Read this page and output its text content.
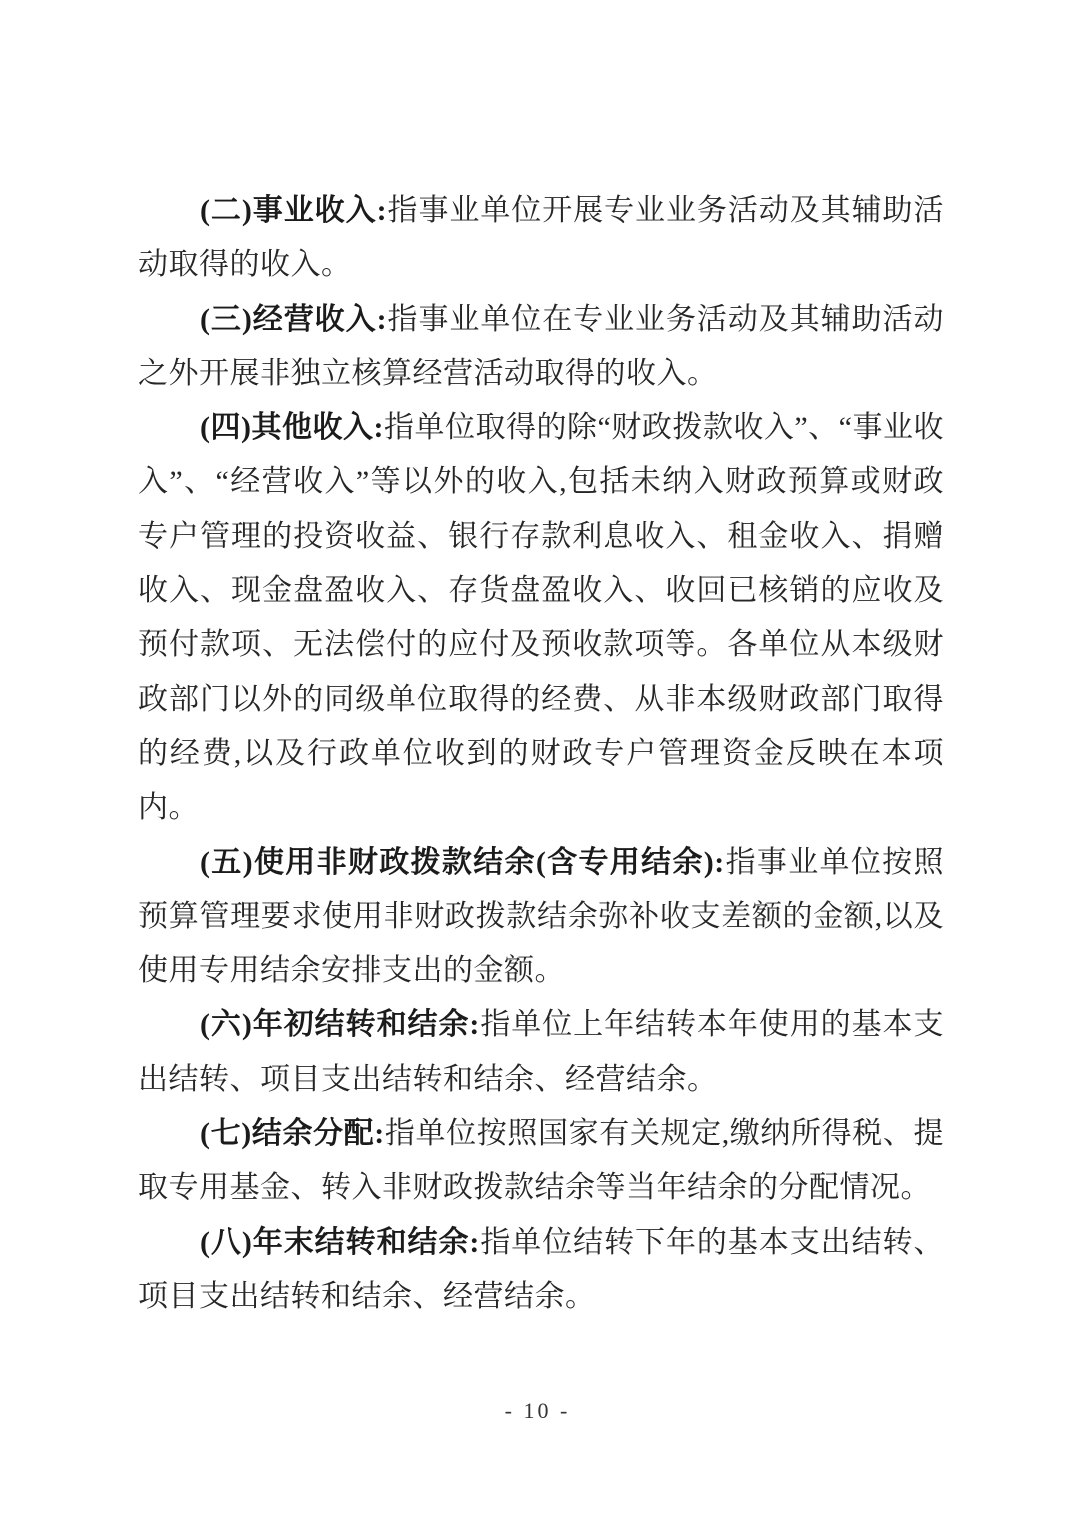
(二)事业收入:指事业单位开展专业业务活动及其辅助活动取得的收入。

(三)经营收入:指事业单位在专业业务活动及其辅助活动之外开展非独立核算经营活动取得的收入。

(四)其他收入:指单位取得的除“财政拨款收入”、“事业收入”、“经营收入”等以外的收入,包括未纳入财政预算或财政专户管理的投资收益、银行存款利息收入、租金收入、捐赠收入、现金盘盈收入、存货盘盈收入、收回已核销的应收及预付款项、无法偿付的应付及预收款项等。各单位从本级财政部门以外的同级单位取得的经费、从非本级财政部门取得的经费,以及行政单位收到的财政专户管理资金反映在本项内。

(五)使用非财政拨款结余(含专用结余):指事业单位按照预算管理要求使用非财政拨款结余弥补收支差额的金额,以及使用专用结余安排支出的金额。

(六)年初结转和结余:指单位上年结转本年使用的基本支出结转、项目支出结转和结余、经营结余。

(七)结余分配:指单位按照国家有关规定,缴纳所得税、提取专用基金、转入非财政拨款结余等当年结余的分配情况。

(八)年末结转和结余:指单位结转下年的基本支出结转、项目支出结转和结余、经营结余。

- 10 -
